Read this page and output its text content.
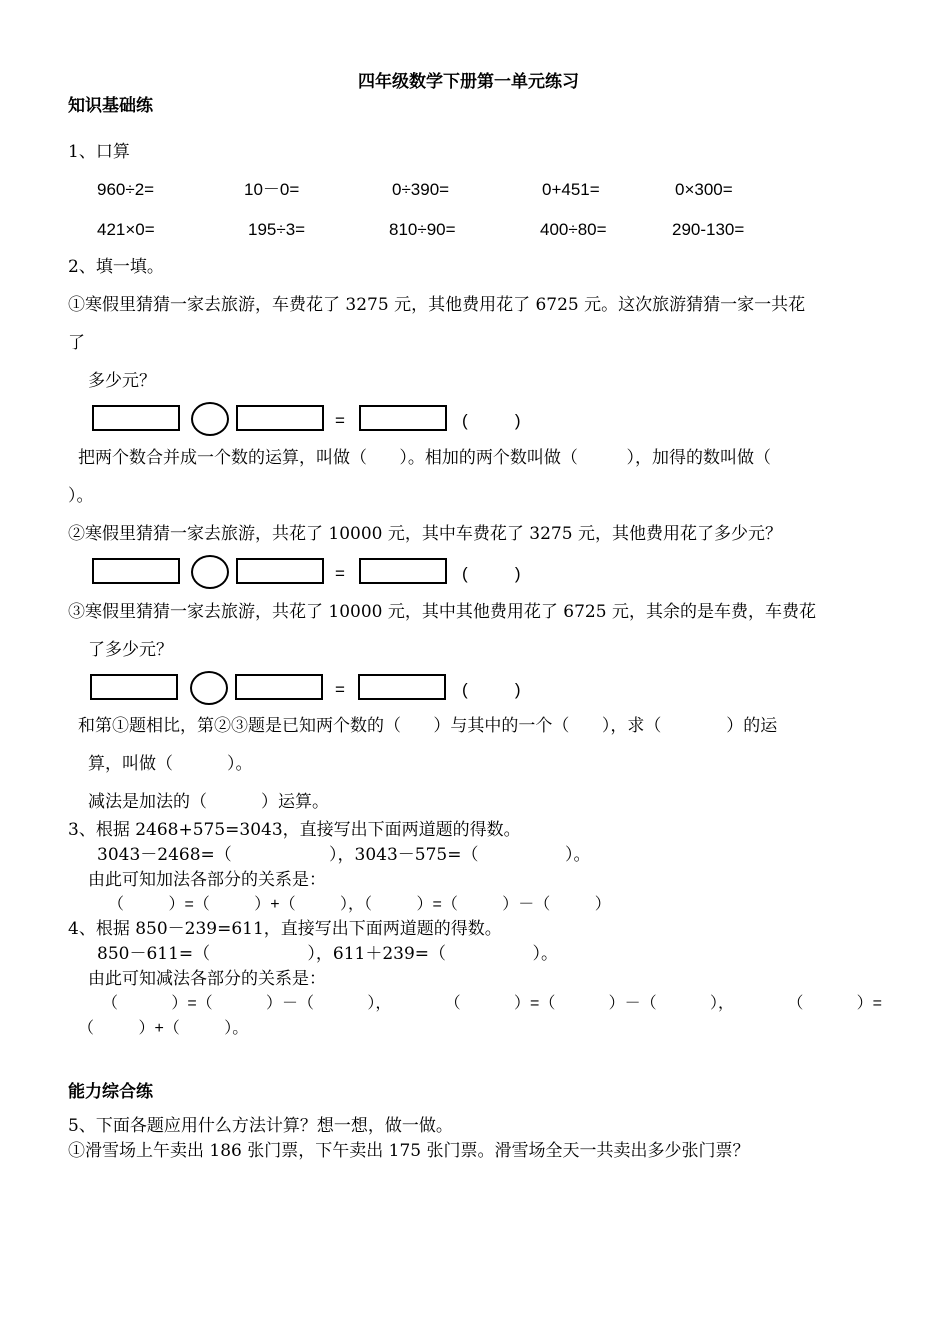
四年级数学下册第一单元练习
知识基础练
1、口算
960÷2=	10－0=	0÷390=	0+451=	0×300=
421×0=	195÷3=	810÷90=	400÷80=	290-130=
2、填一填。
①寒假里猜猜一家去旅游，车费花了 3275 元，其他费用花了 6725 元。这次旅游猜猜一家一共花
了
多少元？
=	(          )
把两个数合并成一个数的运算，叫做（      ）。相加的两个数叫做（         ），加得的数叫做（
）。
②寒假里猜猜一家去旅游，共花了 10000 元，其中车费花了 3275 元，其他费用花了多少元？
=	(          )
③寒假里猜猜一家去旅游，共花了 10000 元，其中其他费用花了 6725 元，其余的是车费，车费花
了多少元？
=	(          )
和第①题相比，第②③题是已知两个数的（      ）与其中的一个（      ），求（            ）的运
算，叫做（          ）。
减法是加法的（          ）运算。
3、根据 2468+575=3043，直接写出下面两道题的得数。
3043－2468=（                  ），3043－575=（                ）。
由此可知加法各部分的关系是：
（          ）=（          ）+（          ），（          ）=（          ）－（          ）
4、根据 850－239=611，直接写出下面两道题的得数。
850－611=（                  ），611＋239=（                ）。
由此可知减法各部分的关系是：
（	）=（	）－（	），	（	）=（	）－（	），	（	）=
（          ）+（          ）。
能力综合练
5、下面各题应用什么方法计算？想一想，做一做。
①滑雪场上午卖出 186 张门票，下午卖出 175 张门票。滑雪场全天一共卖出多少张门票？
